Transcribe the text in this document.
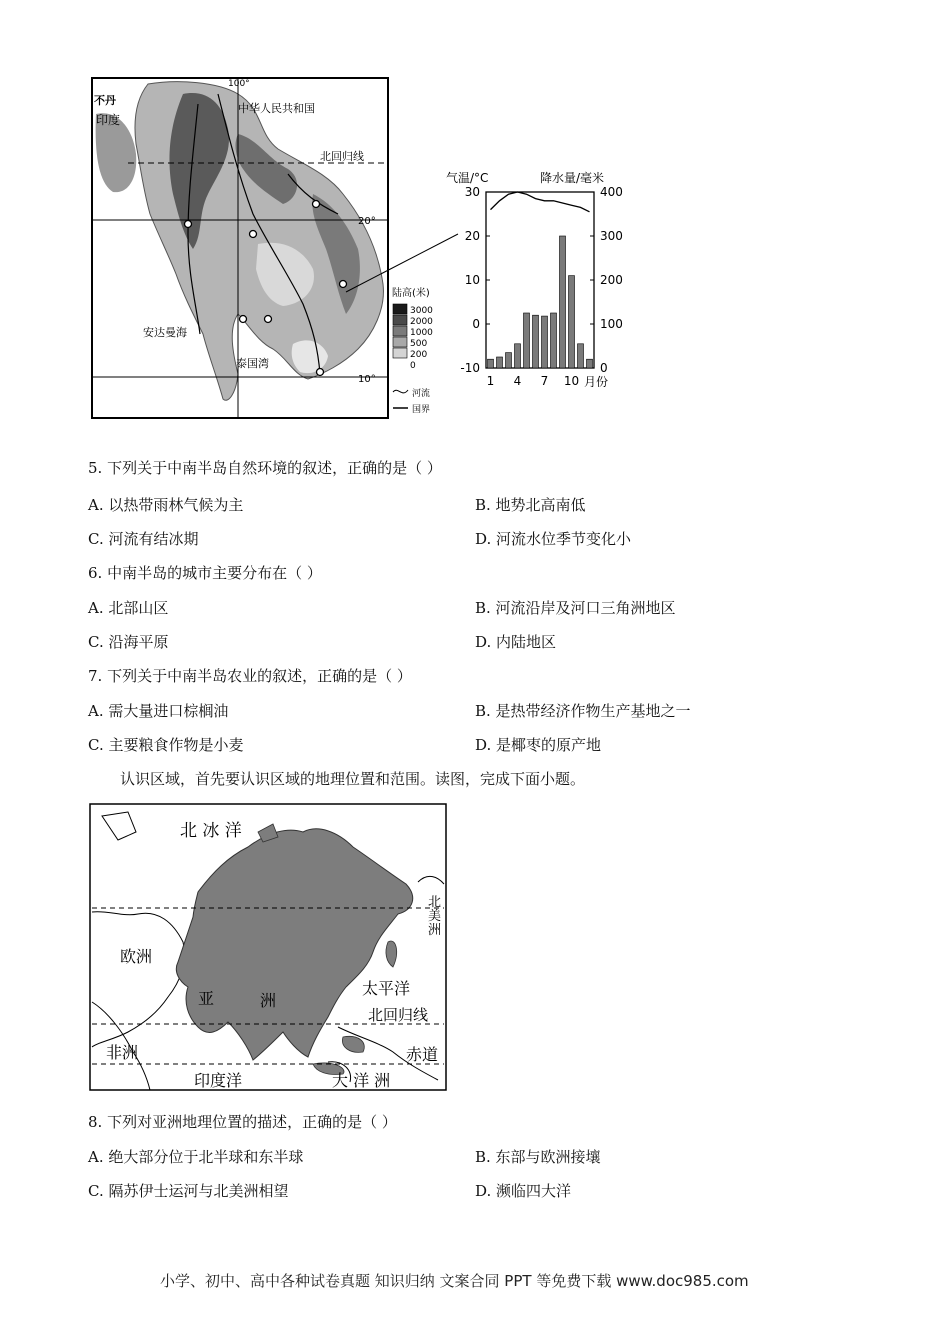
100°
中华人民共和国
北回归线
不丹
印度
20°
10°
安达曼海
泰国湾
陆高(米)
3000
2000
1000
500
200
0
河流
国界
气温/°C	降水量/毫米
30
20
10
0
-10
400
300
200
100
0
1 4 7 10 月份
5. 下列关于中南半岛自然环境的叙述，正确的是（ ）
A. 以热带雨林气候为主	B. 地势北高南低
C. 河流有结冰期	D. 河流水位季节变化小
6. 中南半岛的城市主要分布在（ ）
A. 北部山区	B. 河流沿岸及河口三角洲地区
C. 沿海平原	D. 内陆地区
7. 下列关于中南半岛农业的叙述，正确的是（ ）
A. 需大量进口棕榈油	B. 是热带经济作物生产基地之一
C. 主要粮食作物是小麦	D. 是椰枣的原产地
认识区域，首先要认识区域的地理位置和范围。读图，完成下面小题。
北 冰 洋
欧洲
亚	洲
太平洋
北回归线
非洲	赤道
印度洋	大 洋 洲
北
美
洲
8. 下列对亚洲地理位置的描述，正确的是（ ）
A. 绝大部分位于北半球和东半球	B. 东部与欧洲接壤
C. 隔苏伊士运河与北美洲相望	D. 濒临四大洋
小学、初中、高中各种试卷真题 知识归纳 文案合同 PPT 等免费下载 www.doc985.com
